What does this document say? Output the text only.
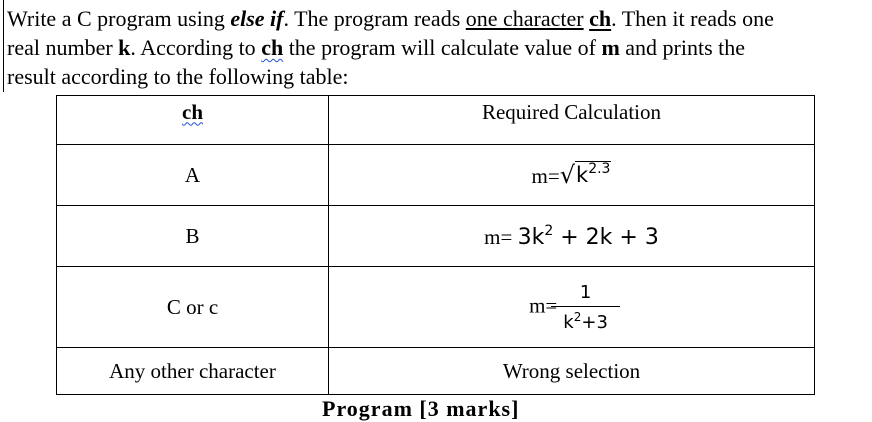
Write a C program using else if. The program reads one character ch. Then it reads one
real number k. According to ch the program will calculate value of m and prints the
result according to the following table:
ch	Required Calculation
A	m= √ $k^{2.3}$

B	$m= 3k^2 + 2k + 3$
C or c	$m= \frac{1}{k^2+3}$

Any other character	Wrong selection
Program [3 marks]
